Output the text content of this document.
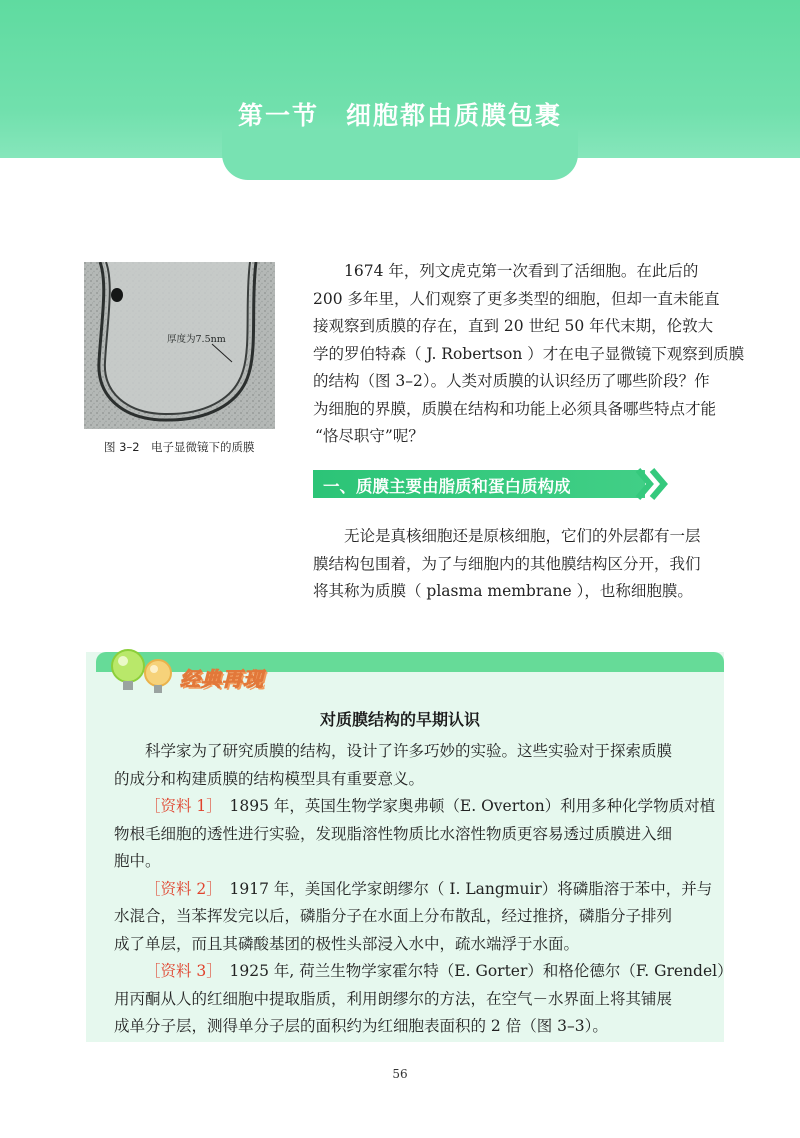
第一节　细胞都由质膜包裹
厚度为7.5nm
图 3–2　电子显微镜下的质膜
1674 年，列文虎克第一次看到了活细胞。在此后的
200 多年里，人们观察了更多类型的细胞，但却一直未能直
接观察到质膜的存在，直到 20 世纪 50 年代末期，伦敦大
学的罗伯特森（ J. Robertson ）才在电子显微镜下观察到质膜
的结构（图 3–2）。人类对质膜的认识经历了哪些阶段？作
为细胞的界膜，质膜在结构和功能上必须具备哪些特点才能
“恪尽职守”呢？
一、质膜主要由脂质和蛋白质构成
无论是真核细胞还是原核细胞，它们的外层都有一层
膜结构包围着，为了与细胞内的其他膜结构区分开，我们
将其称为质膜（ plasma membrane ），也称细胞膜。
经典再现
对质膜结构的早期认识
科学家为了研究质膜的结构，设计了许多巧妙的实验。这些实验对于探索质膜
的成分和构建质膜的结构模型具有重要意义。
［资料 1］　1895 年，英国生物学家奥弗顿（E. Overton）利用多种化学物质对植
物根毛细胞的透性进行实验，发现脂溶性物质比水溶性物质更容易透过质膜进入细
胞中。
［资料 2］　1917 年，美国化学家朗缪尔（ I. Langmuir）将磷脂溶于苯中，并与
水混合，当苯挥发完以后，磷脂分子在水面上分布散乱，经过推挤，磷脂分子排列
成了单层，而且其磷酸基团的极性头部浸入水中，疏水端浮于水面。
［资料 3］　1925 年, 荷兰生物学家霍尔特（E. Gorter）和格伦德尔（F. Grendel）
用丙酮从人的红细胞中提取脂质，利用朗缪尔的方法，在空气－水界面上将其铺展
成单分子层，测得单分子层的面积约为红细胞表面积的 2 倍（图 3–3）。
56
